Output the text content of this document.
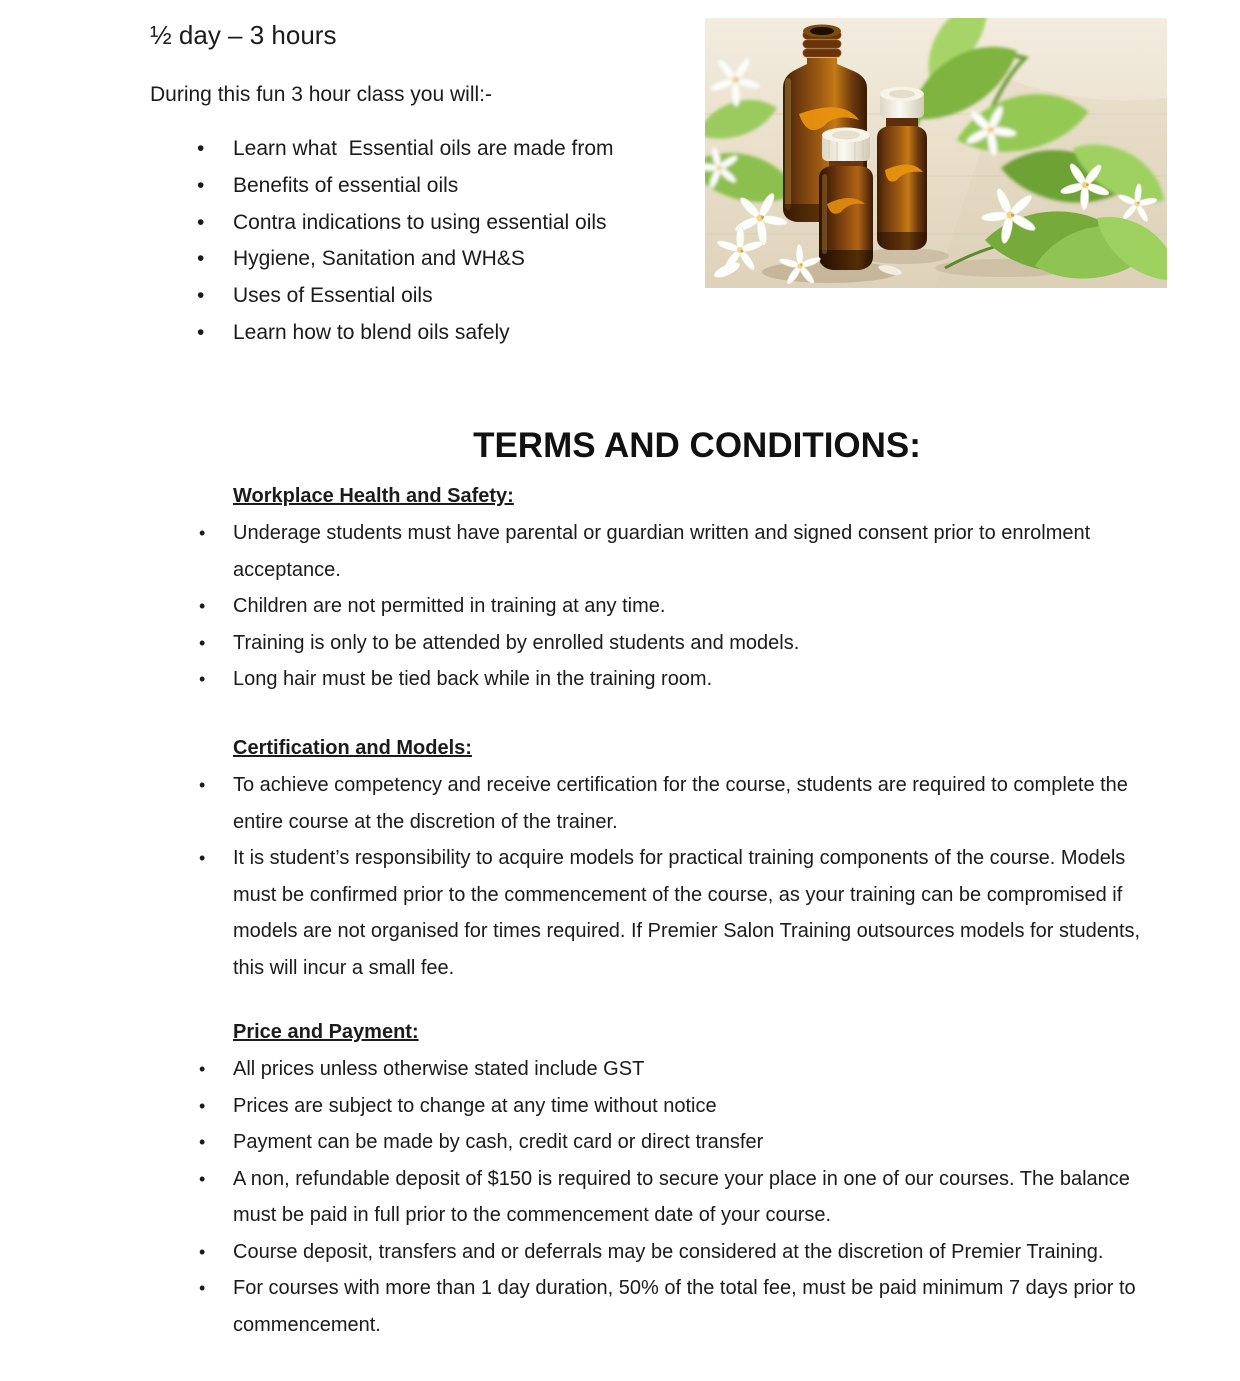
½ day – 3 hours

During this fun 3 hour class you will:-

• Learn what  Essential oils are made from
• Benefits of essential oils
• Contra indications to using essential oils
• Hygiene, Sanitation and WH&S
• Uses of Essential oils
• Learn how to blend oils safely
TERMS AND CONDITIONS:
Workplace Health and Safety:
• Underage students must have parental or guardian written and signed consent prior to enrolment acceptance.
• Children are not permitted in training at any time.
• Training is only to be attended by enrolled students and models.
• Long hair must be tied back while in the training room.
Certification and Models:
• To achieve competency and receive certification for the course, students are required to complete the entire course at the discretion of the trainer.
• It is student’s responsibility to acquire models for practical training components of the course. Models must be confirmed prior to the commencement of the course, as your training can be compromised if models are not organised for times required. If Premier Salon Training outsources models for students, this will incur a small fee.
Price and Payment:
• All prices unless otherwise stated include GST
• Prices are subject to change at any time without notice
• Payment can be made by cash, credit card or direct transfer
• A non, refundable deposit of $150 is required to secure your place in one of our courses. The balance must be paid in full prior to the commencement date of your course.
• Course deposit, transfers and or deferrals may be considered at the discretion of Premier Training.
• For courses with more than 1 day duration, 50% of the total fee, must be paid minimum 7 days prior to commencement.
